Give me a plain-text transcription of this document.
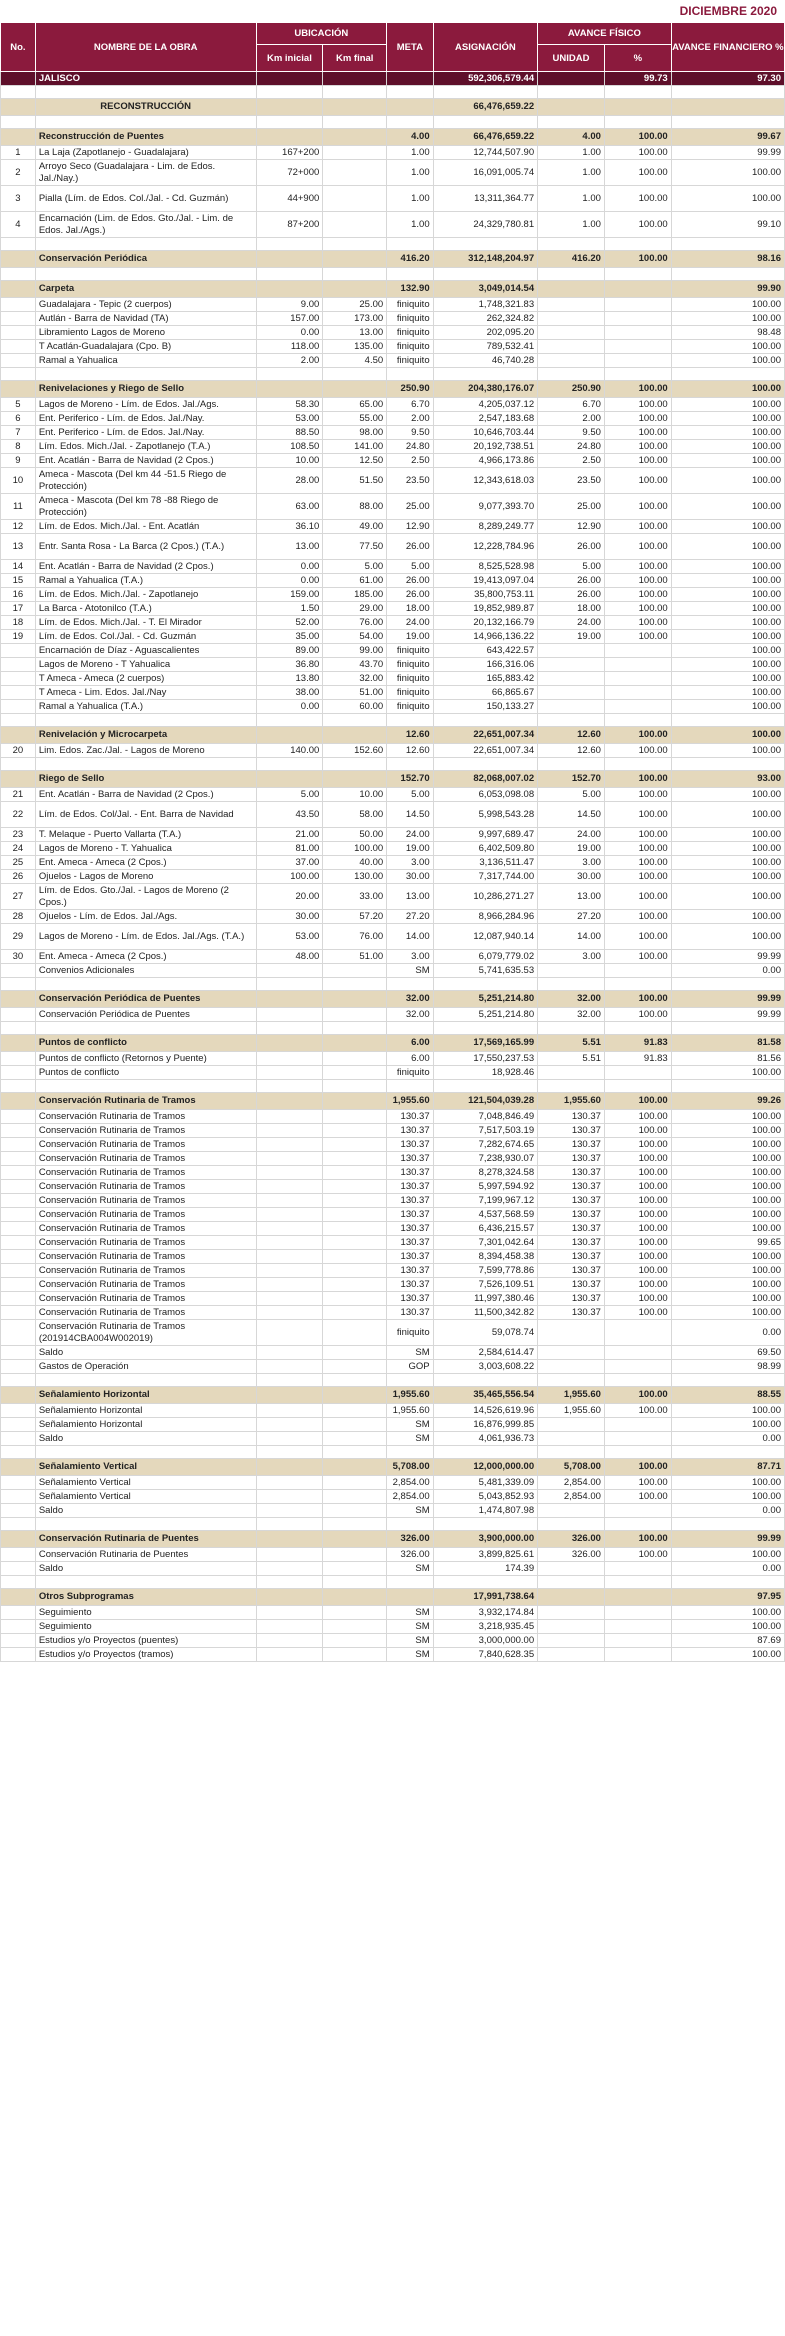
DICIEMBRE 2020
No.	NOMBRE DE LA OBRA	UBICACIÓN		META	ASIGNACIÓN	AVANCE FÍSICO		AVANCE FINANCIERO %
		Km inicial	Km final			UNIDAD	%	
	JALISCO				592,306,579.44		99.73	97.30

	RECONSTRUCCIÓN				66,476,659.22			

	Reconstrucción de Puentes			4.00	66,476,659.22	4.00	100.00	99.67
1	La Laja (Zapotlanejo - Guadalajara)	167+200		1.00	12,744,507.90	1.00	100.00	99.99
2	Arroyo Seco (Guadalajara - Lim. de Edos. Jal./Nay.)	72+000		1.00	16,091,005.74	1.00	100.00	100.00
3	Pialla (Lím. de Edos. Col./Jal. - Cd. Guzmán)	44+900		1.00	13,311,364.77	1.00	100.00	100.00
4	Encarnación (Lim. de Edos. Gto./Jal. - Lim. de Edos. Jal./Ags.)	87+200		1.00	24,329,780.81	1.00	100.00	99.10

	Conservación Periódica			416.20	312,148,204.97	416.20	100.00	98.16

	Carpeta			132.90	3,049,014.54			99.90
	Guadalajara - Tepic (2 cuerpos)	9.00	25.00	finiquito	1,748,321.83			100.00
	Autlán - Barra de Navidad (TA)	157.00	173.00	finiquito	262,324.82			100.00
	Libramiento Lagos de Moreno	0.00	13.00	finiquito	202,095.20			98.48
	T Acatlán-Guadalajara (Cpo. B)	118.00	135.00	finiquito	789,532.41			100.00
	Ramal a Yahualica	2.00	4.50	finiquito	46,740.28			100.00

	Renivelaciones y Riego de Sello			250.90	204,380,176.07	250.90	100.00	100.00
5	Lagos de Moreno - Lím. de Edos. Jal./Ags.	58.30	65.00	6.70	4,205,037.12	6.70	100.00	100.00
6	Ent. Periferico - Lím. de Edos. Jal./Nay.	53.00	55.00	2.00	2,547,183.68	2.00	100.00	100.00
7	Ent. Periferico - Lím. de Edos. Jal./Nay.	88.50	98.00	9.50	10,646,703.44	9.50	100.00	100.00
8	Lím. Edos. Mich./Jal. - Zapotlanejo (T.A.)	108.50	141.00	24.80	20,192,738.51	24.80	100.00	100.00
9	Ent. Acatlán - Barra de Navidad (2 Cpos.)	10.00	12.50	2.50	4,966,173.86	2.50	100.00	100.00
10	Ameca - Mascota (Del km 44 -51.5 Riego de Protección)	28.00	51.50	23.50	12,343,618.03	23.50	100.00	100.00
11	Ameca - Mascota (Del km 78 -88 Riego de Protección)	63.00	88.00	25.00	9,077,393.70	25.00	100.00	100.00
12	Lím. de Edos. Mich./Jal. - Ent. Acatlán	36.10	49.00	12.90	8,289,249.77	12.90	100.00	100.00
13	Entr. Santa Rosa - La Barca (2 Cpos.) (T.A.)	13.00	77.50	26.00	12,228,784.96	26.00	100.00	100.00
14	Ent. Acatlán - Barra de Navidad (2 Cpos.)	0.00	5.00	5.00	8,525,528.98	5.00	100.00	100.00
15	Ramal a Yahualica (T.A.)	0.00	61.00	26.00	19,413,097.04	26.00	100.00	100.00
16	Lím. de Edos. Mich./Jal. - Zapotlanejo	159.00	185.00	26.00	35,800,753.11	26.00	100.00	100.00
17	La Barca - Atotonilco (T.A.)	1.50	29.00	18.00	19,852,989.87	18.00	100.00	100.00
18	Lím. de Edos. Mich./Jal. - T. El Mirador	52.00	76.00	24.00	20,132,166.79	24.00	100.00	100.00
19	Lím. de Edos. Col./Jal. - Cd. Guzmán	35.00	54.00	19.00	14,966,136.22	19.00	100.00	100.00
	Encarnación de Díaz - Aguascalientes	89.00	99.00	finiquito	643,422.57			100.00
	Lagos de Moreno - T Yahualica	36.80	43.70	finiquito	166,316.06			100.00
	T Ameca - Ameca (2 cuerpos)	13.80	32.00	finiquito	165,883.42			100.00
	T Ameca - Lim. Edos. Jal./Nay	38.00	51.00	finiquito	66,865.67			100.00
	Ramal a Yahualica (T.A.)	0.00	60.00	finiquito	150,133.27			100.00

	Renivelación y Microcarpeta			12.60	22,651,007.34	12.60	100.00	100.00
20	Lim. Edos. Zac./Jal. - Lagos de Moreno	140.00	152.60	12.60	22,651,007.34	12.60	100.00	100.00

	Riego de Sello			152.70	82,068,007.02	152.70	100.00	93.00
21	Ent. Acatlán - Barra de Navidad (2 Cpos.)	5.00	10.00	5.00	6,053,098.08	5.00	100.00	100.00
22	Lím. de Edos. Col/Jal. - Ent. Barra de Navidad	43.50	58.00	14.50	5,998,543.28	14.50	100.00	100.00
23	T. Melaque - Puerto Vallarta (T.A.)	21.00	50.00	24.00	9,997,689.47	24.00	100.00	100.00
24	Lagos de Moreno - T. Yahualica	81.00	100.00	19.00	6,402,509.80	19.00	100.00	100.00
25	Ent. Ameca - Ameca (2 Cpos.)	37.00	40.00	3.00	3,136,511.47	3.00	100.00	100.00
26	Ojuelos - Lagos de Moreno	100.00	130.00	30.00	7,317,744.00	30.00	100.00	100.00
27	Lím. de Edos. Gto./Jal. - Lagos de Moreno (2 Cpos.)	20.00	33.00	13.00	10,286,271.27	13.00	100.00	100.00
28	Ojuelos - Lím. de Edos. Jal./Ags.	30.00	57.20	27.20	8,966,284.96	27.20	100.00	100.00
29	Lagos de Moreno - Lím. de Edos. Jal./Ags. (T.A.)	53.00	76.00	14.00	12,087,940.14	14.00	100.00	100.00
30	Ent. Ameca - Ameca (2 Cpos.)	48.00	51.00	3.00	6,079,779.02	3.00	100.00	99.99
	Convenios Adicionales			SM	5,741,635.53			0.00

	Conservación Periódica de Puentes			32.00	5,251,214.80	32.00	100.00	99.99
	Conservación Periódica de Puentes			32.00	5,251,214.80	32.00	100.00	99.99

	Puntos de conflicto			6.00	17,569,165.99	5.51	91.83	81.58
	Puntos de conflicto (Retornos y Puente)			6.00	17,550,237.53	5.51	91.83	81.56
	Puntos de conflicto			finiquito	18,928.46			100.00

	Conservación Rutinaria de Tramos			1,955.60	121,504,039.28	1,955.60	100.00	99.26
	Conservación Rutinaria de Tramos			130.37	7,048,846.49	130.37	100.00	100.00
	Conservación Rutinaria de Tramos			130.37	7,517,503.19	130.37	100.00	100.00
	Conservación Rutinaria de Tramos			130.37	7,282,674.65	130.37	100.00	100.00
	Conservación Rutinaria de Tramos			130.37	7,238,930.07	130.37	100.00	100.00
	Conservación Rutinaria de Tramos			130.37	8,278,324.58	130.37	100.00	100.00
	Conservación Rutinaria de Tramos			130.37	5,997,594.92	130.37	100.00	100.00
	Conservación Rutinaria de Tramos			130.37	7,199,967.12	130.37	100.00	100.00
	Conservación Rutinaria de Tramos			130.37	4,537,568.59	130.37	100.00	100.00
	Conservación Rutinaria de Tramos			130.37	6,436,215.57	130.37	100.00	100.00
	Conservación Rutinaria de Tramos			130.37	7,301,042.64	130.37	100.00	99.65
	Conservación Rutinaria de Tramos			130.37	8,394,458.38	130.37	100.00	100.00
	Conservación Rutinaria de Tramos			130.37	7,599,778.86	130.37	100.00	100.00
	Conservación Rutinaria de Tramos			130.37	7,526,109.51	130.37	100.00	100.00
	Conservación Rutinaria de Tramos			130.37	11,997,380.46	130.37	100.00	100.00
	Conservación Rutinaria de Tramos			130.37	11,500,342.82	130.37	100.00	100.00
	Conservación Rutinaria de Tramos (201914CBA004W002019)			finiquito	59,078.74			0.00
	Saldo			SM	2,584,614.47			69.50
	Gastos de Operación			GOP	3,003,608.22			98.99

	Señalamiento Horizontal			1,955.60	35,465,556.54	1,955.60	100.00	88.55
	Señalamiento Horizontal			1,955.60	14,526,619.96	1,955.60	100.00	100.00
	Señalamiento Horizontal			SM	16,876,999.85			100.00
	Saldo			SM	4,061,936.73			0.00

	Señalamiento Vertical			5,708.00	12,000,000.00	5,708.00	100.00	87.71
	Señalamiento Vertical			2,854.00	5,481,339.09	2,854.00	100.00	100.00
	Señalamiento Vertical			2,854.00	5,043,852.93	2,854.00	100.00	100.00
	Saldo			SM	1,474,807.98			0.00

	Conservación Rutinaria de Puentes			326.00	3,900,000.00	326.00	100.00	99.99
	Conservación Rutinaria de Puentes			326.00	3,899,825.61	326.00	100.00	100.00
	Saldo			SM	174.39			0.00

	Otros Subprogramas				17,991,738.64			97.95
	Seguimiento			SM	3,932,174.84			100.00
	Seguimiento			SM	3,218,935.45			100.00
	Estudios y/o Proyectos (puentes)			SM	3,000,000.00			87.69
	Estudios y/o Proyectos (tramos)			SM	7,840,628.35			100.00
